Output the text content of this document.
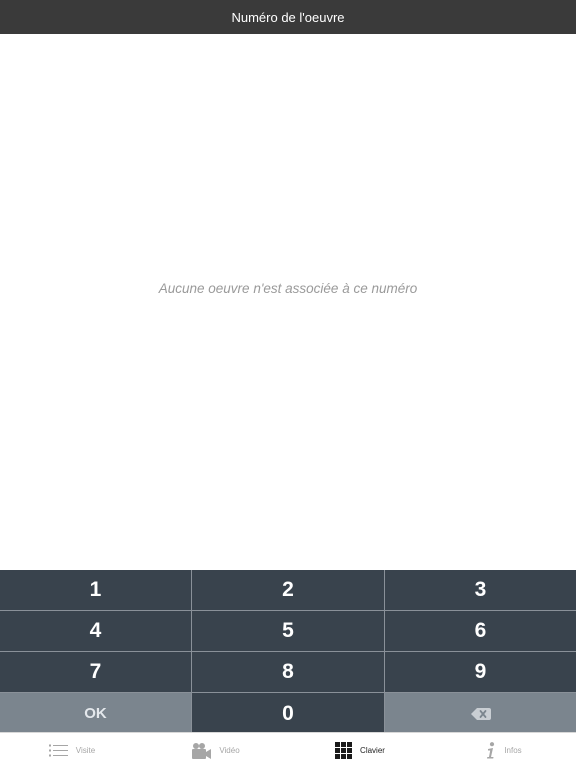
Numéro de l'oeuvre
Aucune oeuvre n'est associée à ce numéro
1	2	3
4	5	6
7	8	9
OK	0
Visite	Vidéo	Clavier	Infos
